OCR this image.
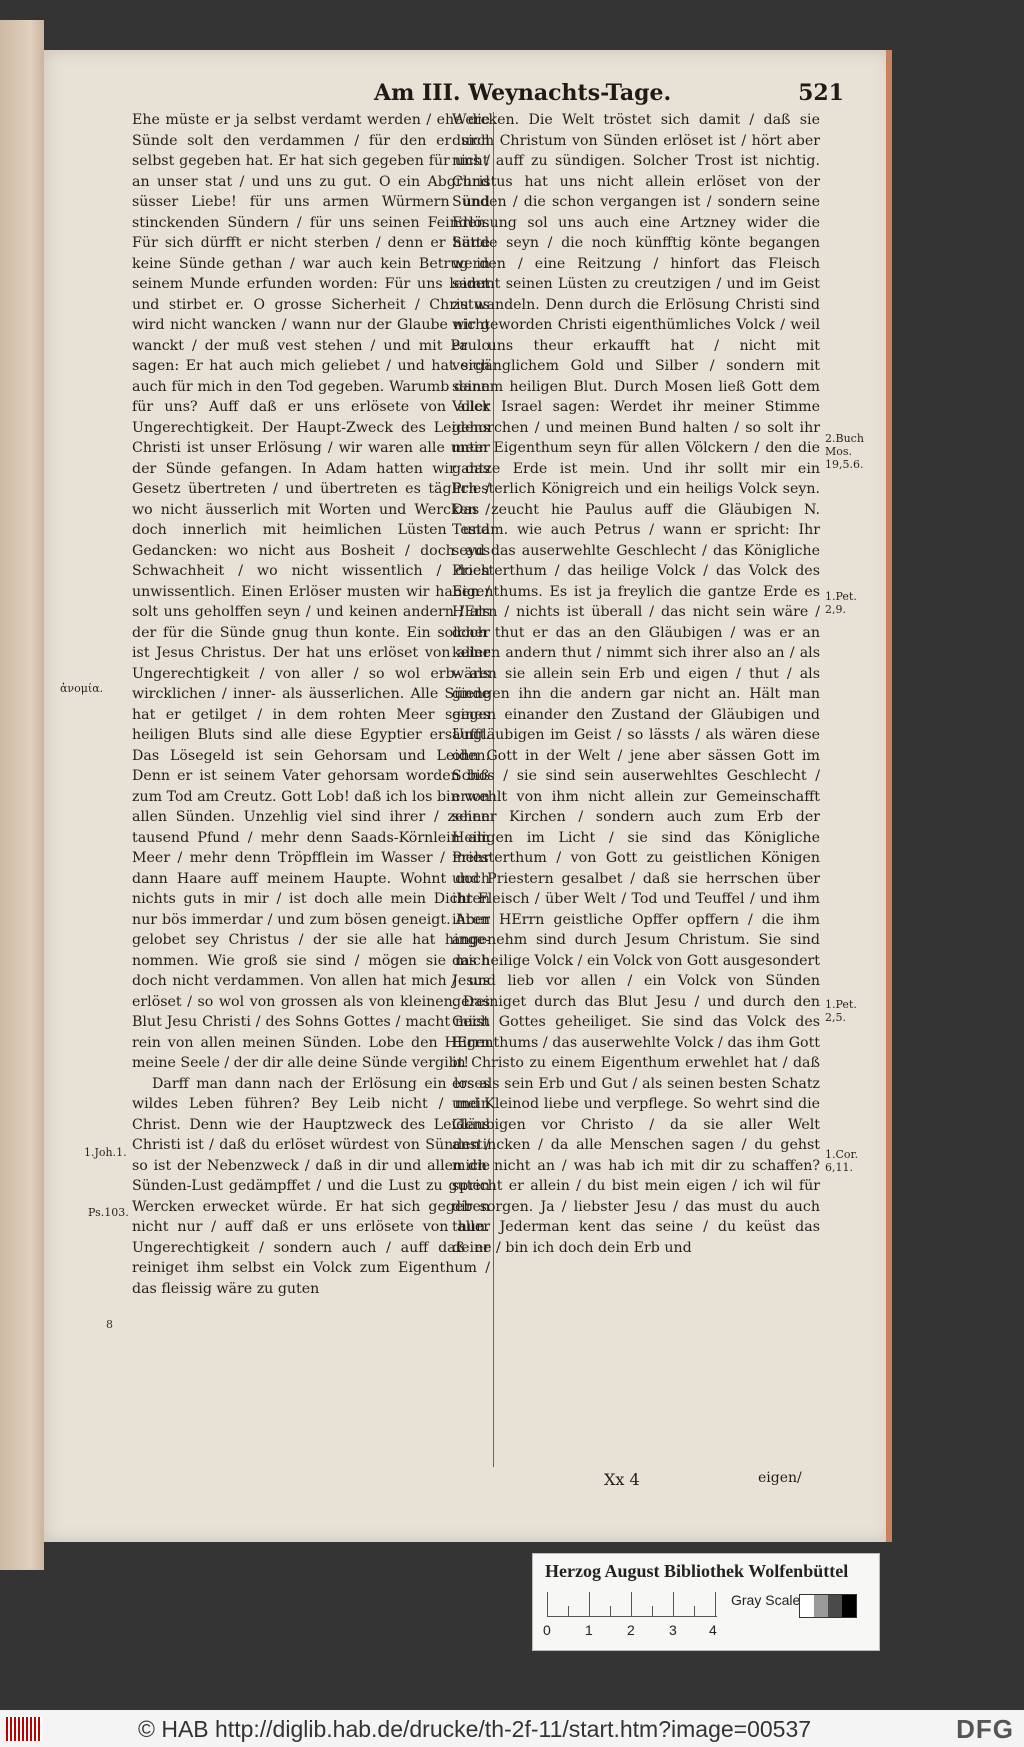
Am III. Weynachts-Tage.	521

Ehe müste er ja selbst verdamt werden / ehe die Sünde solt den verdammen / für den er sich selbst gegeben hat. Er hat sich gegeben für uns / an unser stat / und uns zu gut. O ein Abgrund süsser Liebe! für uns armen Würmern und stinckenden Sündern / für uns seinen Feinden. Für sich dürfft er nicht sterben / denn er hatte keine Sünde gethan / war auch kein Betrug in seinem Munde erfunden worden: Für uns leidet und stirbet er. O grosse Sicherheit / Christus wird nicht wancken / wann nur der Glaube nicht wanckt / der muß vest stehen / und mit Paulo sagen: Er hat auch mich geliebet / und hat sich auch für mich in den Tod gegeben. Warumb dann für uns? Auff daß er uns erlösete von aller Ungerechtigkeit. Der Haupt-Zweck des Leidens Christi ist unser Erlösung / wir waren alle unter der Sünde gefangen. In Adam hatten wir das Gesetz übertreten / und übertreten es täglich / wo nicht äusserlich mit Worten und Wercken / doch innerlich mit heimlichen Lüsten und Gedancken: wo nicht aus Bosheit / doch aus Schwachheit / wo nicht wissentlich / doch unwissentlich. Einen Erlöser musten wir haben / solt uns geholffen seyn / und keinen andern / als der für die Sünde gnug thun konte. Ein solcher ist Jesus Christus. Der hat uns erlöset von aller Ungerechtigkeit / von aller / so wol erb- als wircklichen / inner- als äusserlichen. Alle Sünde hat er getilget / in dem rohten Meer seines heiligen Bluts sind alle diese Egyptier ersäufft. Das Lösegeld ist sein Gehorsam und Leiden. Denn er ist seinem Vater gehorsam worden biß zum Tod am Creutz. Gott Lob! daß ich los bin von allen Sünden. Unzehlig viel sind ihrer / zehen tausend Pfund / mehr denn Saads-Körnlein am Meer / mehr denn Tröpfflein im Wasser / mehr dann Haare auff meinem Haupte. Wohnt doch nichts guts in mir / ist doch alle mein Dichten nur bös immerdar / und zum bösen geneigt. Aber gelobet sey Christus / der sie alle hat hinge- nommen. Wie groß sie sind / mögen sie mich doch nicht verdammen. Von allen hat mich Jesus erlöset / so wol von grossen als von kleinen. Das Blut Jesu Christi / des Sohns Gottes / macht mich rein von allen meinen Sünden. Lobe den HErrn meine Seele / der dir alle deine Sünde vergibt!

Darff man dann nach der Erlösung ein loses wildes Leben führen? Bey Leib nicht / mein Christ. Denn wie der Hauptzweck des Leidens Christi ist / daß du erlöset würdest von Sünden / so ist der Nebenzweck / daß in dir und allen die Sünden-Lust gedämpffet / und die Lust zu guten Wercken erwecket würde. Er hat sich gegeben nicht nur / auff daß er uns erlösete von aller Ungerechtigkeit / sondern auch / auff daß er reiniget ihm selbst ein Volck zum Eigenthum / das fleissig wäre zu guten

Wercken. Die Welt tröstet sich damit / daß sie durch Christum von Sünden erlöset ist / hört aber nicht auff zu sündigen. Solcher Trost ist nichtig. Christus hat uns nicht allein erlöset von der Sünden / die schon vergangen ist / sondern seine Erlösung sol uns auch eine Artzney wider die Sünde seyn / die noch künfftig könte begangen werden / eine Reitzung / hinfort das Fleisch sammt seinen Lüsten zu creutzigen / und im Geist zu wandeln. Denn durch die Erlösung Christi sind wir geworden Christi eigenthümliches Volck / weil er uns theur erkaufft hat / nicht mit vergänglichem Gold und Silber / sondern mit seinem heiligen Blut. Durch Mosen ließ Gott dem Volck Israel sagen: Werdet ihr meiner Stimme gehorchen / und meinen Bund halten / so solt ihr mein Eigenthum seyn für allen Völckern / den die gantze Erde ist mein. Und ihr sollt mir ein Priesterlich Königreich und ein heiligs Volck seyn. Das zeucht hie Paulus auff die Gläubigen N. Testam. wie auch Petrus / wann er spricht: Ihr seyd das auserwehlte Geschlecht / das Königliche Priesterthum / das heilige Volck / das Volck des Eigenthums. Es ist ja freylich die gantze Erde es HErrn / nichts ist überall / das nicht sein wäre / doch thut er das an den Gläubigen / was er an keinen andern thut / nimmt sich ihrer also an / als wären sie allein sein Erb und eigen / thut / als giengen ihn die andern gar nicht an. Hält man gegen einander den Zustand der Gläubigen und Ungläubigen im Geist / so lässts / als wären diese ohn Gott in der Welt / jene aber sässen Gott im Schos / sie sind sein auserwehltes Geschlecht / erwehlt von ihm nicht allein zur Gemeinschafft seiner Kirchen / sondern auch zum Erb der Heiligen im Licht / sie sind das Königliche Priesterthum / von Gott zu geistlichen Königen und Priestern gesalbet / daß sie herrschen über ihr Fleisch / über Welt / Tod und Teuffel / und ihm ihren HErrn geistliche Opffer opffern / die ihm angenehm sind durch Jesum Christum. Sie sind das heilige Volck / ein Volck von Gott ausgesondert / und lieb vor allen / ein Volck von Sünden gereiniget durch das Blut Jesu / und durch den Geist Gottes geheiliget. Sie sind das Volck des Eigenthums / das auserwehlte Volck / das ihm Gott in Christo zu einem Eigenthum erwehlet hat / daß ers als sein Erb und Gut / als seinen besten Schatz und Kleinod liebe und verpflege. So wehrt sind die Gläubigen vor Christo / da sie aller Welt anstincken / da alle Menschen sagen / du gehst mich nicht an / was hab ich mit dir zu schaffen? spricht er allein / du bist mein eigen / ich wil für dir sorgen. Ja / liebster Jesu / das must du auch thun. Jederman kent das seine / du keüst das deine / bin ich doch dein Erb und

ἀνομία.
1.Joh.1.
Ps.103.
2.Buch Mos. 19,5.6.
1.Pet. 2,9.
1.Pet. 2,5.
1.Cor. 6,11.
8
Xx 4	eigen/
Herzog August Bibliothek Wolfenbüttel
0 1 2 3 4
Gray Scale
© HAB http://diglib.hab.de/drucke/th-2f-11/start.htm?image=00537	DFG
